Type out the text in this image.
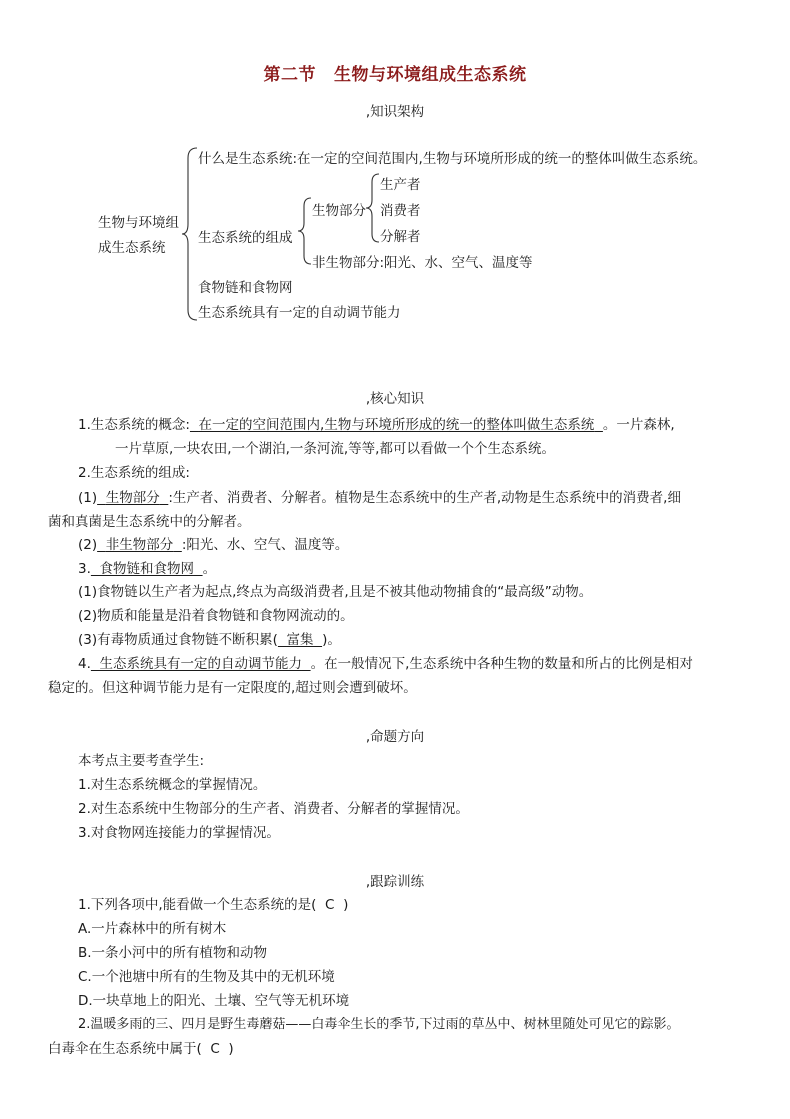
第二节 生物与环境组成生态系统
,知识架构
生物与环境组
成生态系统
什么是生态系统:在一定的空间范围内,生物与环境所形成的统一的整体叫做生态系统。
生态系统的组成
生物部分
非生物部分:阳光、水、空气、温度等
生产者
消费者
分解者
食物链和食物网
生态系统具有一定的自动调节能力
,核心知识
1.生态系统的概念: 在一定的空间范围内,生物与环境所形成的统一的整体叫做生态系统 。一片森林,
一片草原,一块农田,一个湖泊,一条河流,等等,都可以看做一个个生态系统。
2.生态系统的组成:
(1) 生物部分 :生产者、消费者、分解者。植物是生态系统中的生产者,动物是生态系统中的消费者,细
菌和真菌是生态系统中的分解者。
(2) 非生物部分 :阳光、水、空气、温度等。
3. 食物链和食物网 。
(1)食物链以生产者为起点,终点为高级消费者,且是不被其他动物捕食的“最高级”动物。
(2)物质和能量是沿着食物链和食物网流动的。
(3)有毒物质通过食物链不断积累( 富集 )。
4. 生态系统具有一定的自动调节能力 。在一般情况下,生态系统中各种生物的数量和所占的比例是相对
稳定的。但这种调节能力是有一定限度的,超过则会遭到破坏。
,命题方向
本考点主要考查学生:
1.对生态系统概念的掌握情况。
2.对生态系统中生物部分的生产者、消费者、分解者的掌握情况。
3.对食物网连接能力的掌握情况。
,跟踪训练
1.下列各项中,能看做一个生态系统的是( C )
A.一片森林中的所有树木
B.一条小河中的所有植物和动物
C.一个池塘中所有的生物及其中的无机环境
D.一块草地上的阳光、土壤、空气等无机环境
2.温暖多雨的三、四月是野生毒蘑菇——白毒伞生长的季节,下过雨的草丛中、树林里随处可见它的踪影。
白毒伞在生态系统中属于( C )
